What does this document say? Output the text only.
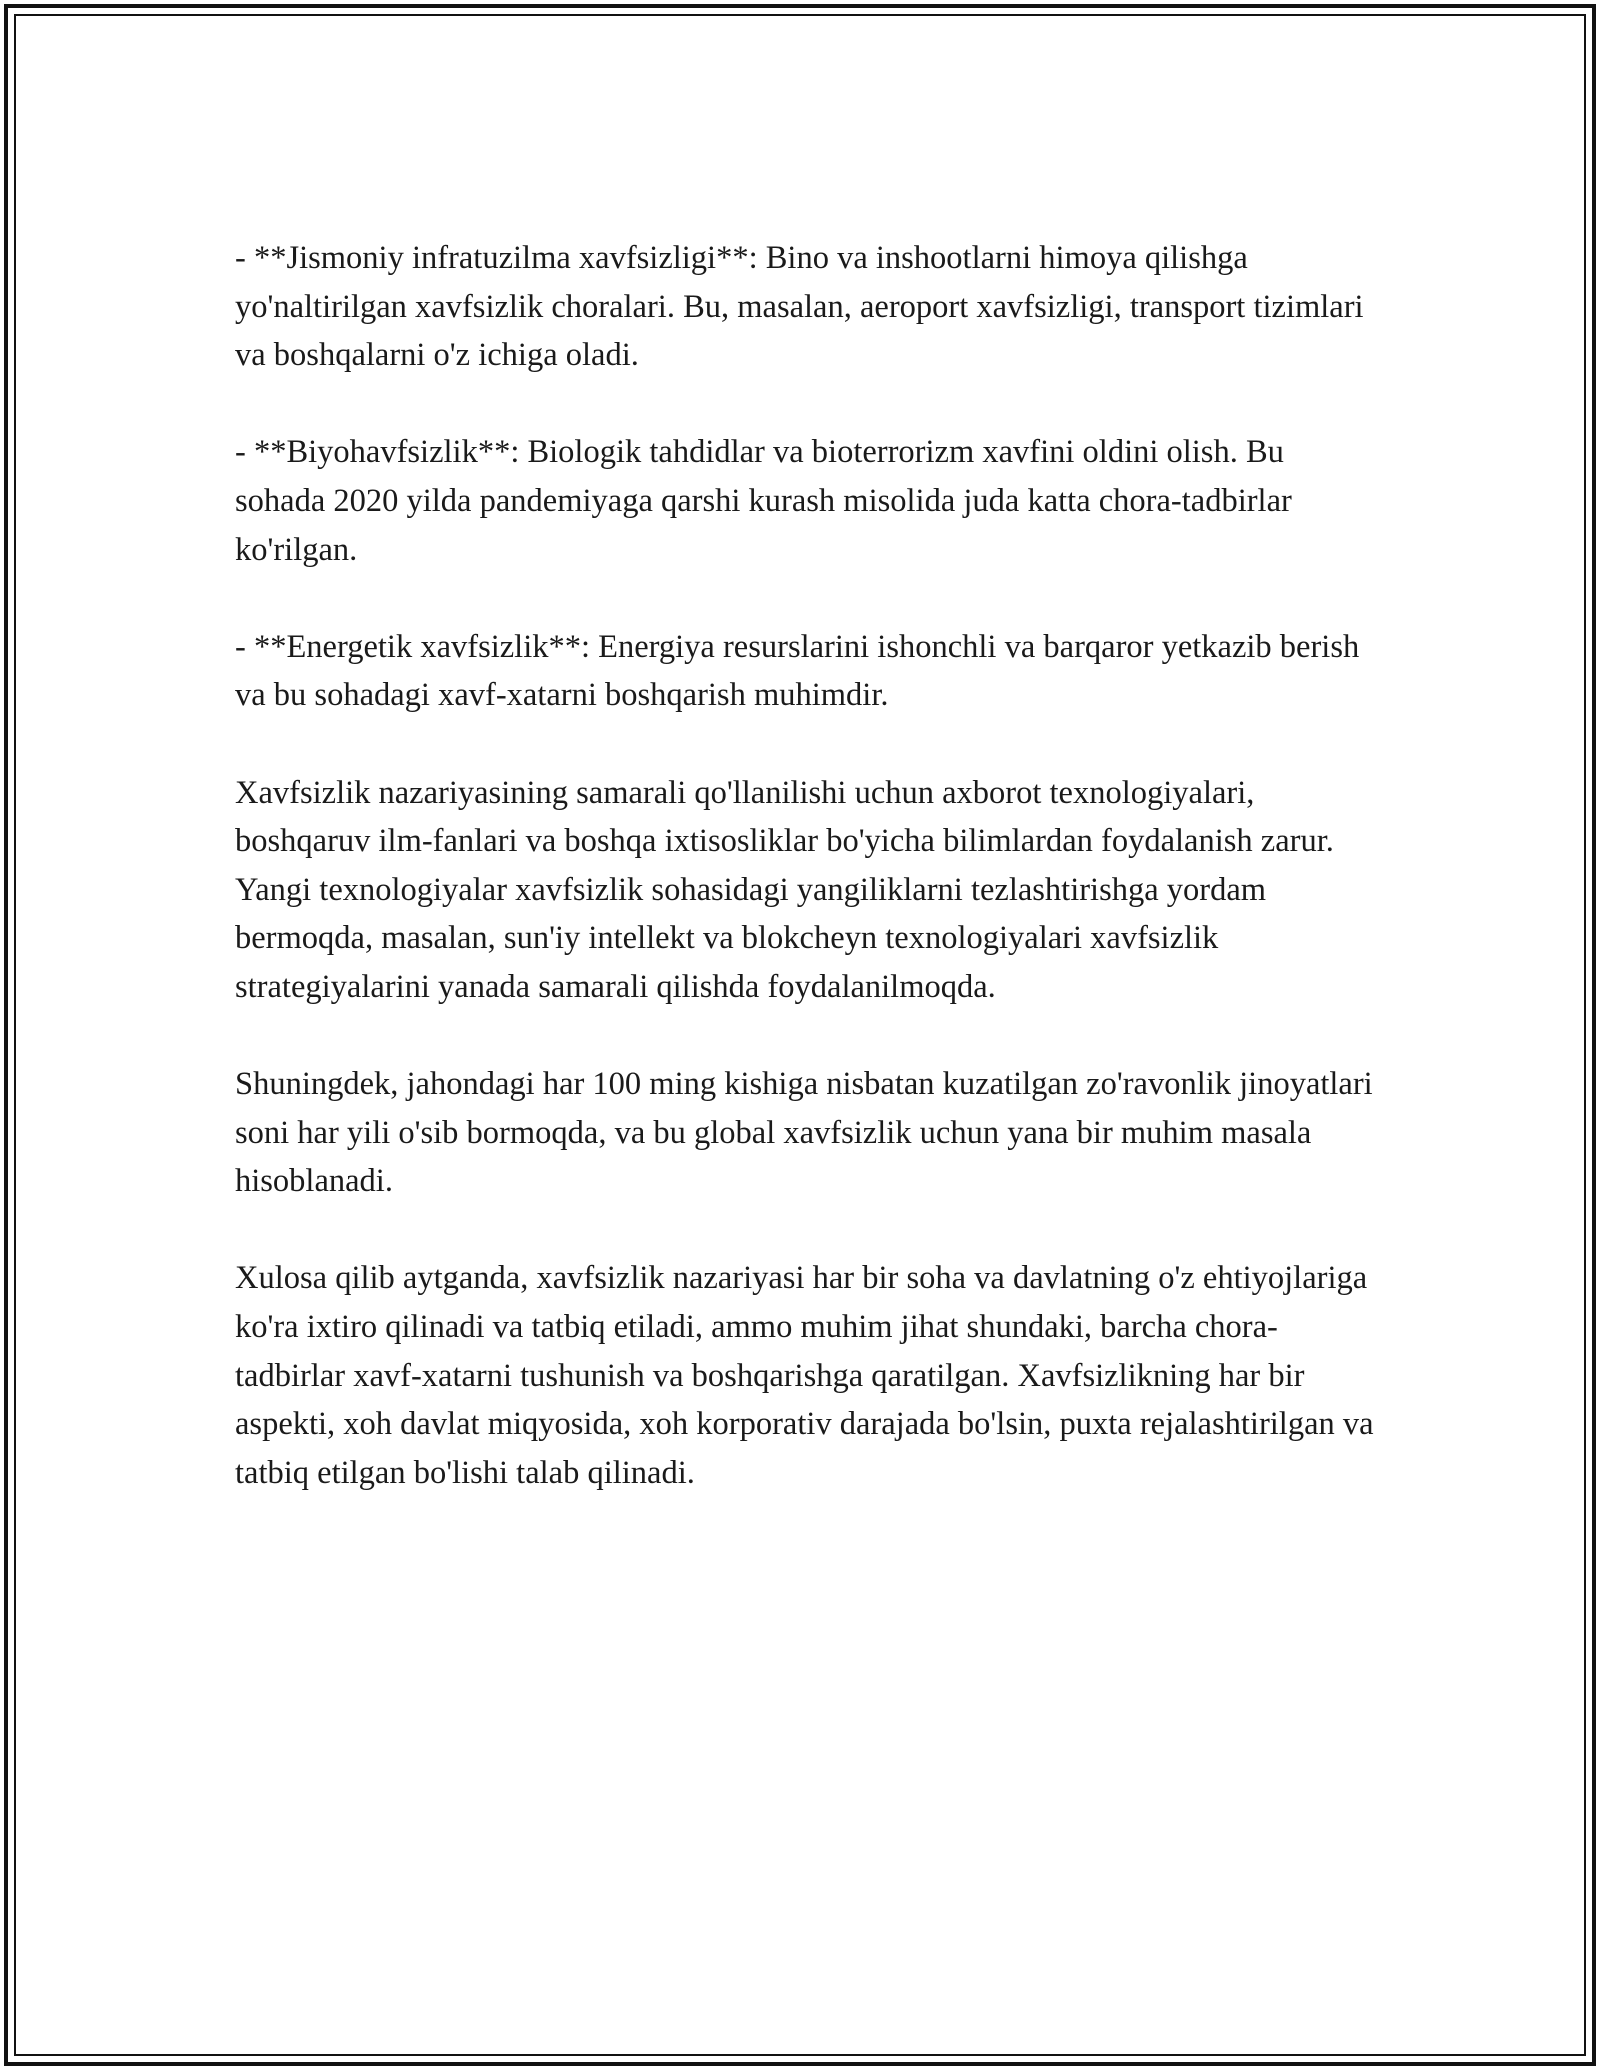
- **Jismoniy infratuzilma xavfsizligi**: Bino va inshootlarni himoya qilishga yo'naltirilgan xavfsizlik choralari. Bu, masalan, aeroport xavfsizligi, transport tizimlari va boshqalarni o'z ichiga oladi.

- **Biyohavfsizlik**: Biologik tahdidlar va bioterrorizm xavfini oldini olish. Bu sohada 2020 yilda pandemiyaga qarshi kurash misolida juda katta chora-tadbirlar ko'rilgan.

- **Energetik xavfsizlik**: Energiya resurslarini ishonchli va barqaror yetkazib berish va bu sohadagi xavf-xatarni boshqarish muhimdir.

Xavfsizlik nazariyasining samarali qo'llanilishi uchun axborot texnologiyalari, boshqaruv ilm-fanlari va boshqa ixtisosliklar bo'yicha bilimlardan foydalanish zarur. Yangi texnologiyalar xavfsizlik sohasidagi yangiliklarni tezlashtirishga yordam bermoqda, masalan, sun'iy intellekt va blokcheyn texnologiyalari xavfsizlik strategiyalarini yanada samarali qilishda foydalanilmoqda.

Shuningdek, jahondagi har 100 ming kishiga nisbatan kuzatilgan zo'ravonlik jinoyatlari soni har yili o'sib bormoqda, va bu global xavfsizlik uchun yana bir muhim masala hisoblanadi.

Xulosa qilib aytganda, xavfsizlik nazariyasi har bir soha va davlatning o'z ehtiyojlariga ko'ra ixtiro qilinadi va tatbiq etiladi, ammo muhim jihat shundaki, barcha chora-tadbirlar xavf-xatarni tushunish va boshqarishga qaratilgan. Xavfsizlikning har bir aspekti, xoh davlat miqyosida, xoh korporativ darajada bo'lsin, puxta rejalashtirilgan va tatbiq etilgan bo'lishi talab qilinadi.
